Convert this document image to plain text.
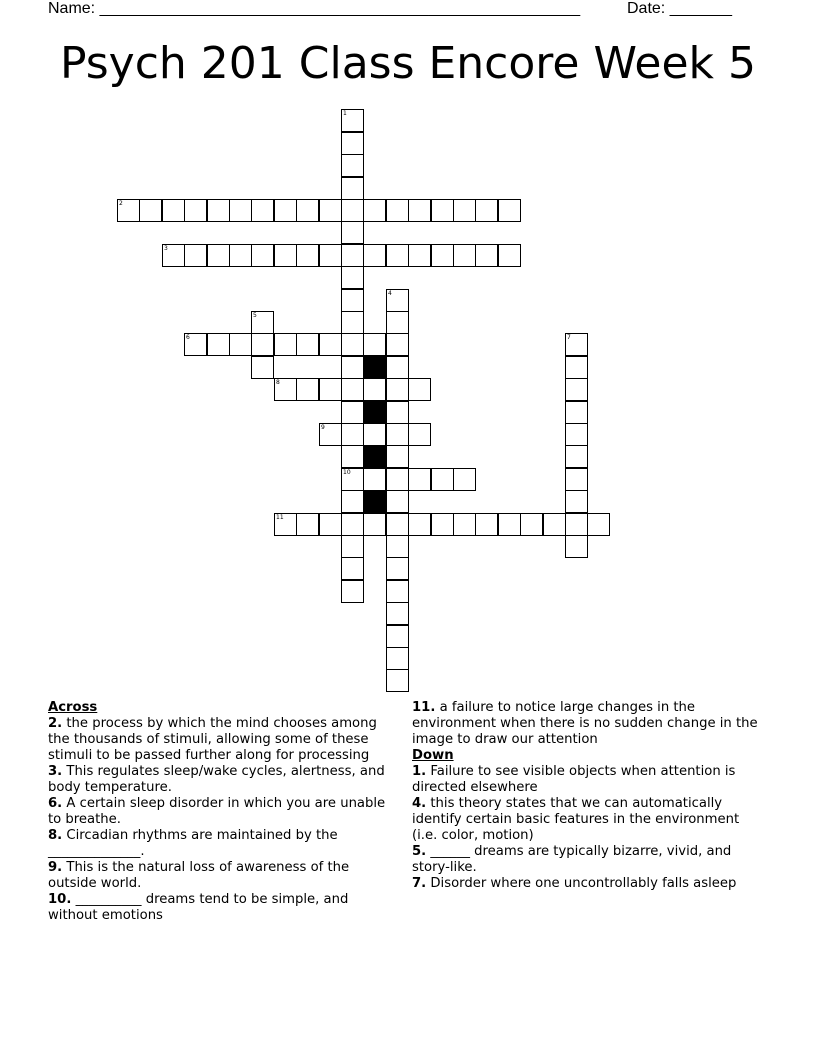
Name: ______________________________________________________	Date: _______
Psych 201 Class Encore Week 5
2
3
6
8
9
10
11
1
4
5
7
Across
2. the process by which the mind chooses among the thousands of stimuli, allowing some of these stimuli to be passed further along for processing
3. This regulates sleep/wake cycles, alertness, and body temperature.
6. A certain sleep disorder in which you are unable to breathe.
8. Circadian rhythms are maintained by the ______________.
9. This is the natural loss of awareness of the outside world.
10. __________ dreams tend to be simple, and without emotions
11. a failure to notice large changes in the environment when there is no sudden change in the image to draw our attention
Down
1. Failure to see visible objects when attention is directed elsewhere
4. this theory states that we can automatically identify certain basic features in the environment (i.e. color, motion)
5. ______ dreams are typically bizarre, vivid, and story-like.
7. Disorder where one uncontrollably falls asleep
